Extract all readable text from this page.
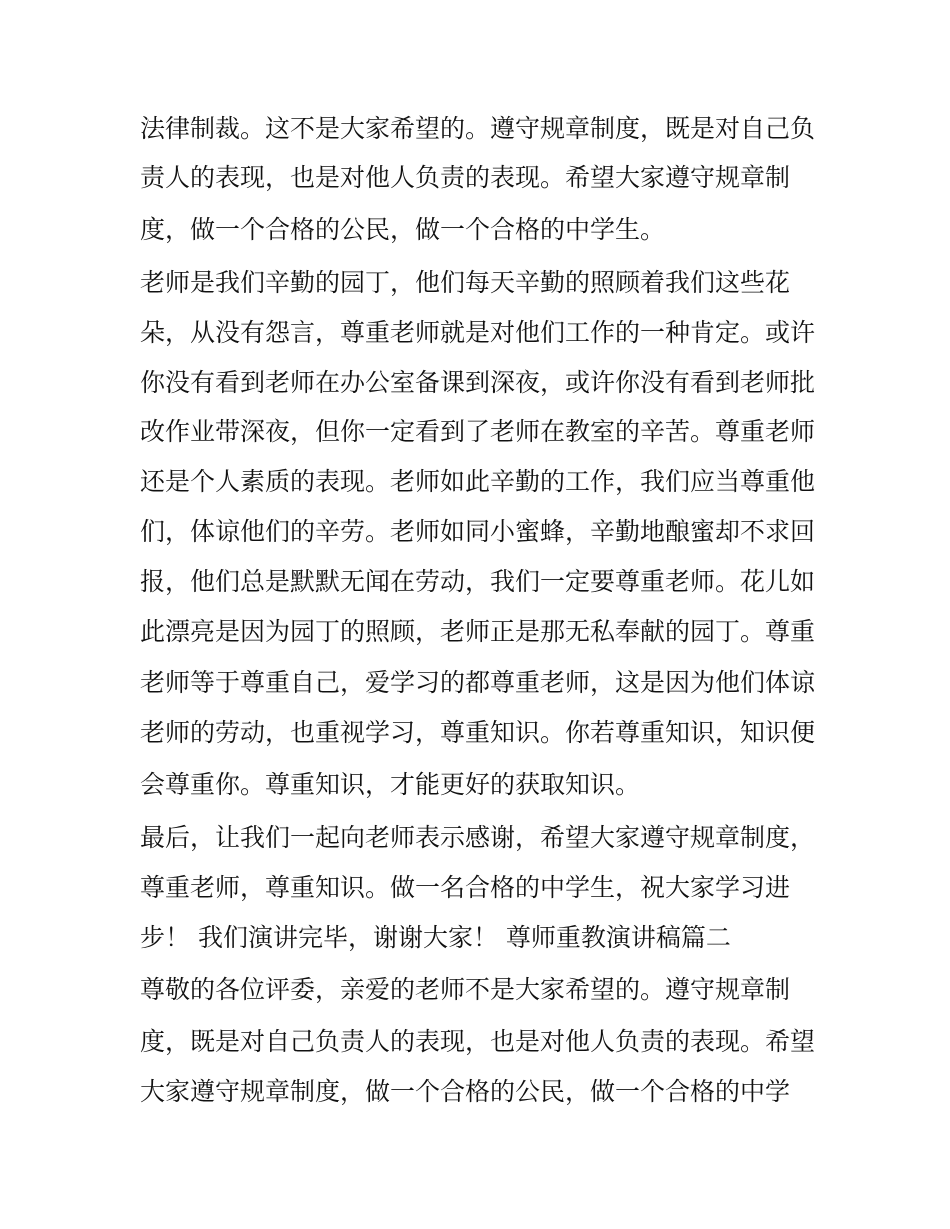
法律制裁。这不是大家希望的。遵守规章制度，既是对自己负

责人的表现，也是对他人负责的表现。希望大家遵守规章制

度，做一个合格的公民，做一个合格的中学生。

老师是我们辛勤的园丁，他们每天辛勤的照顾着我们这些花

朵，从没有怨言，尊重老师就是对他们工作的一种肯定。或许

你没有看到老师在办公室备课到深夜，或许你没有看到老师批

改作业带深夜，但你一定看到了老师在教室的辛苦。尊重老师

还是个人素质的表现。老师如此辛勤的工作，我们应当尊重他

们，体谅他们的辛劳。老师如同小蜜蜂，辛勤地酿蜜却不求回

报，他们总是默默无闻在劳动，我们一定要尊重老师。花儿如

此漂亮是因为园丁的照顾，老师正是那无私奉献的园丁。尊重

老师等于尊重自己，爱学习的都尊重老师，这是因为他们体谅

老师的劳动，也重视学习，尊重知识。你若尊重知识，知识便

会尊重你。尊重知识，才能更好的获取知识。

最后，让我们一起向老师表示感谢，希望大家遵守规章制度，

尊重老师，尊重知识。做一名合格的中学生，祝大家学习进

步！ 我们演讲完毕，谢谢大家！ 尊师重教演讲稿篇二

尊敬的各位评委，亲爱的老师不是大家希望的。遵守规章制

度，既是对自己负责人的表现，也是对他人负责的表现。希望

大家遵守规章制度，做一个合格的公民，做一个合格的中学
